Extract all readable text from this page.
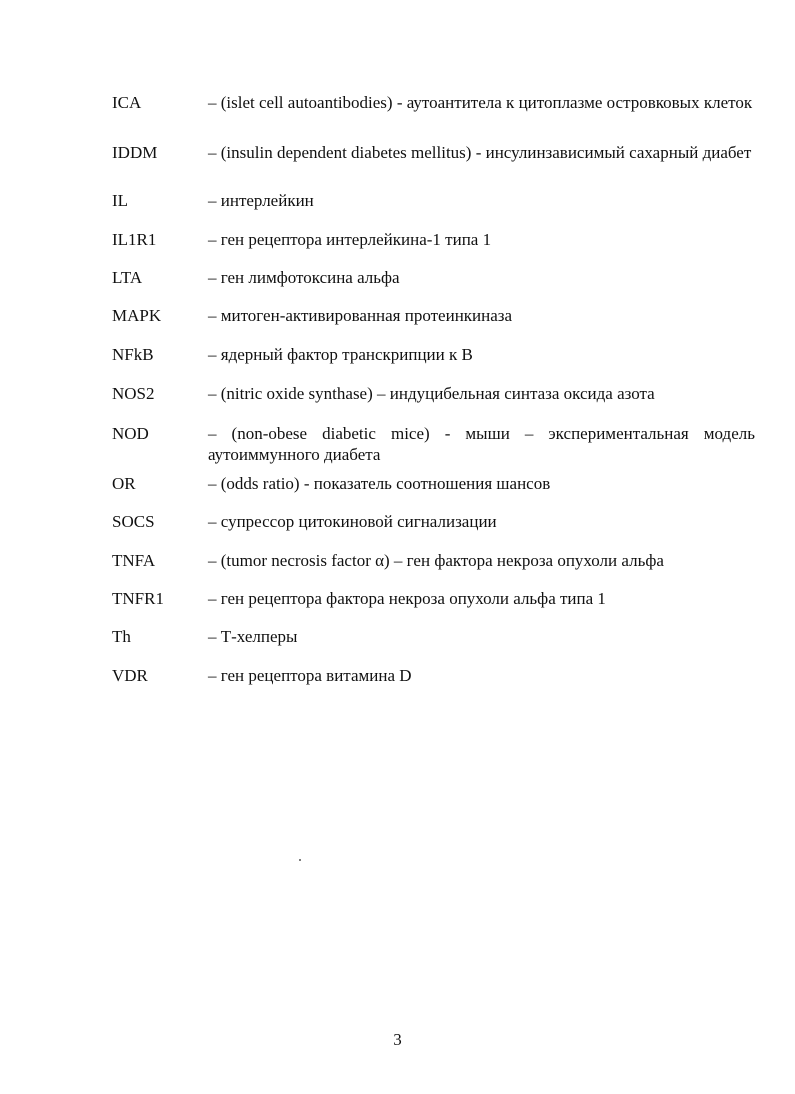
ICA	– (islet cell autoantibodies) - аутоантитела к цитоплазме островковых клеток
IDDM	– (insulin dependent diabetes mellitus) - инсулинзависимый сахарный диабет
IL	– интерлейкин
IL1R1	– ген рецептора интерлейкина-1 типа 1
LTA	– ген лимфотоксина альфа
MAPK	– митоген-активированная протеинкиназа
NFkB	– ядерный фактор транскрипции к В
NOS2	– (nitric oxide synthase) – индуцибельная синтаза оксида азота
NOD	– (non-obese diabetic mice) - мыши – экспериментальная модель аутоиммунного диабета
OR	– (odds ratio) - показатель соотношения шансов
SOCS	– супрессор цитокиновой сигнализации
TNFA	– (tumor necrosis factor α) – ген фактора некроза опухоли альфа
TNFR1	– ген рецептора фактора некроза опухоли альфа типа 1
Th	– Т-хелперы
VDR	– ген рецептора витамина D
3
